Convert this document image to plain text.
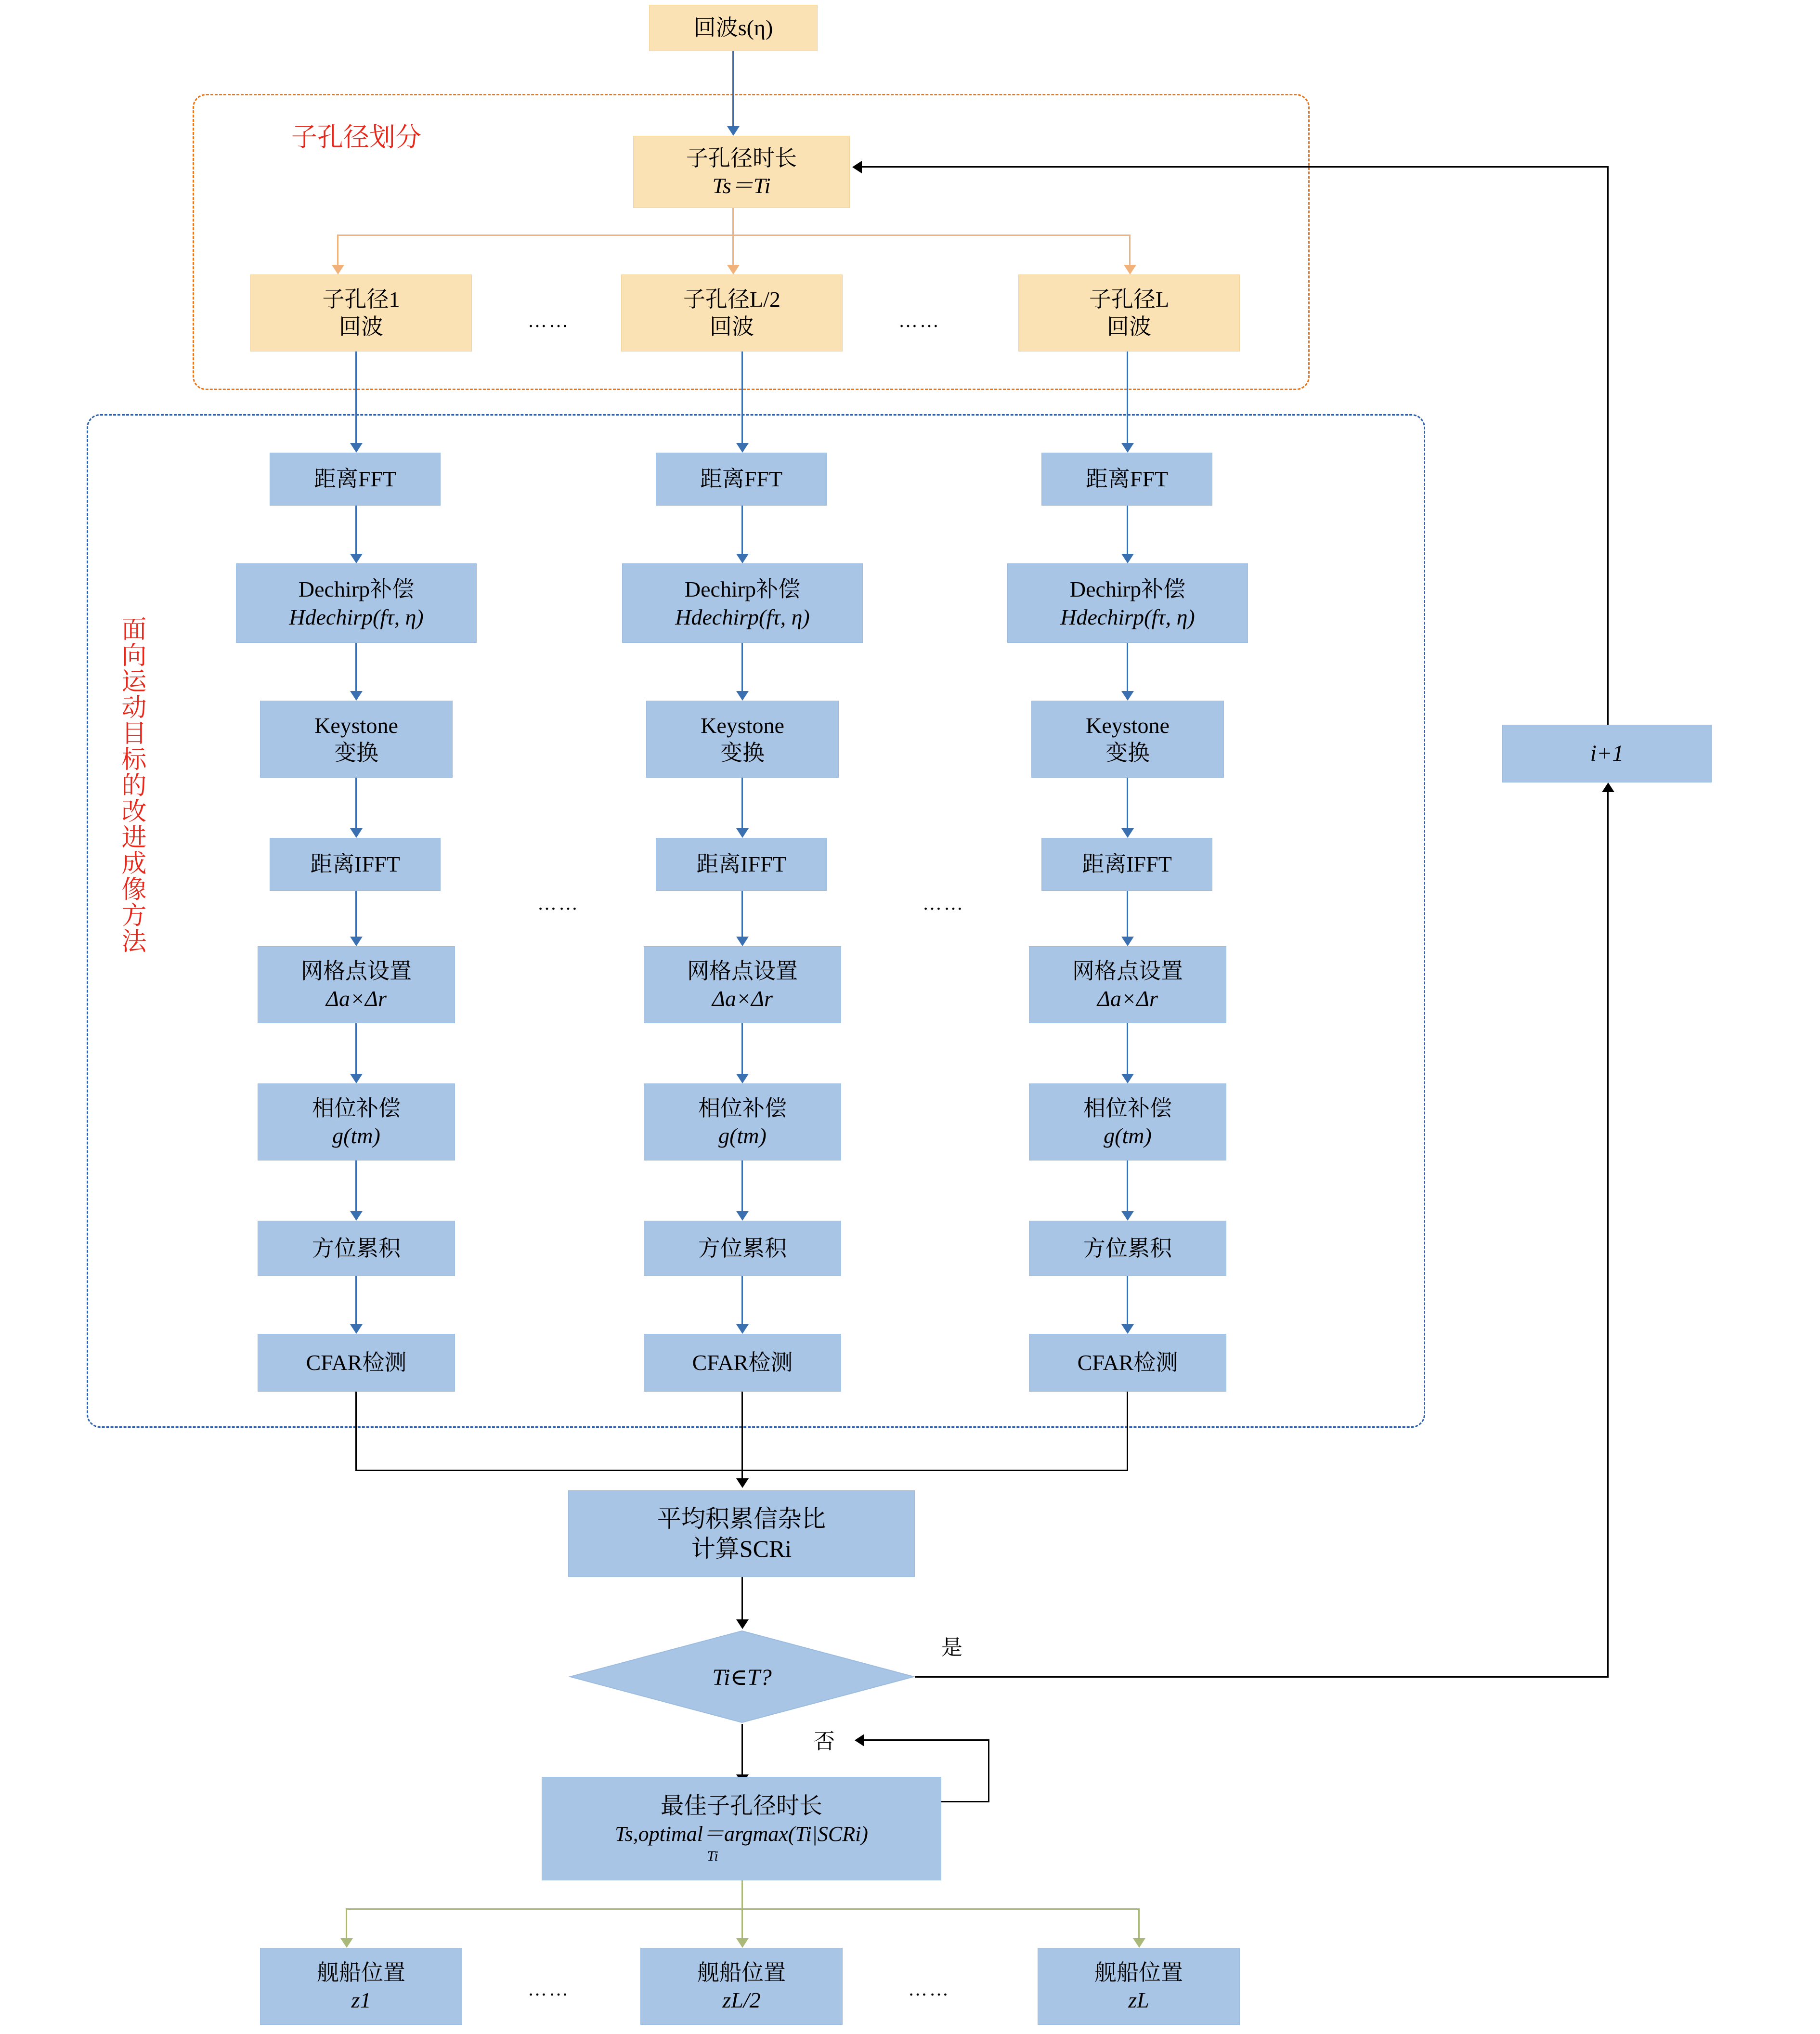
子孔径划分
面向运动目标的改进成像方法
回波s(η)
子孔径时长
Ts＝Ti
子孔径1
回波
子孔径L/2
回波
子孔径L
回波
……	……
距离FFT
Dechirp补偿
Hdechirp(fτ, η)
Keystone
变换
距离IFFT
网格点设置
Δa×Δr
相位补偿
g(tm)
方位累积
CFAR检测
距离FFT
Dechirp补偿
Hdechirp(fτ, η)
Keystone
变换
距离IFFT
网格点设置
Δa×Δr
相位补偿
g(tm)
方位累积
CFAR检测
距离FFT
Dechirp补偿
Hdechirp(fτ, η)
Keystone
变换
距离IFFT
网格点设置
Δa×Δr
相位补偿
g(tm)
方位累积
CFAR检测
……	……
平均积累信杂比
计算SCRi
Ti∈T?
是
i+1
否
最佳子孔径时长
Ts,optimal＝argmax(Ti|SCRi)
Ti
舰船位置
z1
舰船位置
zL/2
舰船位置
zL
……	……
